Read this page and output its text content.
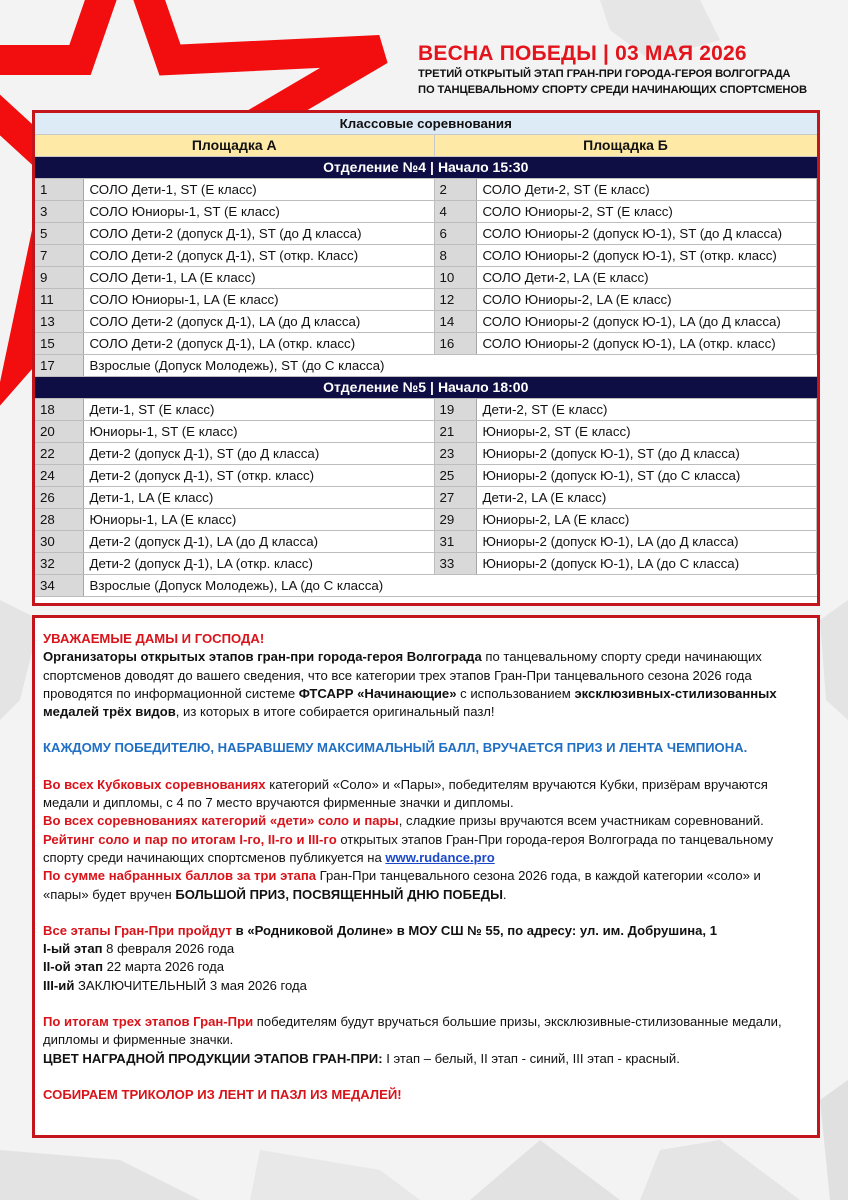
ВЕСНА ПОБЕДЫ | 03 МАЯ 2026
ТРЕТИЙ ОТКРЫТЫЙ ЭТАП ГРАН-ПРИ ГОРОДА-ГЕРОЯ ВОЛГОГРАДА
ПО ТАНЦЕВАЛЬНОМУ СПОРТУ СРЕДИ НАЧИНАЮЩИХ СПОРТСМЕНОВ
Классовые соревнования			
Площадка А		Площадка Б	
Отделение №4 | Начало 15:30			
1	СОЛО Дети-1, ST (Е класс)	2	СОЛО Дети-2, ST (Е класс)
3	СОЛО Юниоры-1, ST (Е класс)	4	СОЛО Юниоры-2, ST (Е класс)
5	СОЛО Дети-2 (допуск Д-1), ST (до Д класса)	6	СОЛО Юниоры-2 (допуск Ю-1), ST (до Д класса)
7	СОЛО Дети-2 (допуск Д-1), ST (откр. Класс)	8	СОЛО Юниоры-2 (допуск Ю-1), ST (откр. класс)
9	СОЛО Дети-1, LA (Е класс)	10	СОЛО Дети-2, LA (Е класс)
11	СОЛО Юниоры-1, LA (Е класс)	12	СОЛО Юниоры-2, LA (Е класс)
13	СОЛО Дети-2 (допуск Д-1), LA (до Д класса)	14	СОЛО Юниоры-2 (допуск Ю-1), LA (до Д класса)
15	СОЛО Дети-2 (допуск Д-1), LA (откр. класс)	16	СОЛО Юниоры-2 (допуск Ю-1), LA (откр. класс)
17	Взрослые (Допуск Молодежь), ST (до С класса)		
Отделение №5 | Начало 18:00			
18	Дети-1, ST (Е класс)	19	Дети-2, ST (Е класс)
20	Юниоры-1, ST (Е класс)	21	Юниоры-2, ST (Е класс)
22	Дети-2 (допуск Д-1), ST (до Д класса)	23	Юниоры-2 (допуск Ю-1), ST (до Д класса)
24	Дети-2 (допуск Д-1), ST (откр. класс)	25	Юниоры-2 (допуск Ю-1), ST (до С класса)
26	Дети-1, LA (Е класс)	27	Дети-2, LA (Е класс)
28	Юниоры-1, LA (Е класс)	29	Юниоры-2, LA (Е класс)
30	Дети-2 (допуск Д-1), LA (до Д класса)	31	Юниоры-2 (допуск Ю-1), LA (до Д класса)
32	Дети-2 (допуск Д-1), LA (откр. класс)	33	Юниоры-2 (допуск Ю-1), LA (до С класса)
34	Взрослые (Допуск Молодежь), LA (до С класса)		

УВАЖАЕМЫЕ ДАМЫ И ГОСПОДА!

Организаторы открытых этапов гран-при города-героя Волгограда по танцевальному спорту среди начинающих спортсменов доводят до вашего сведения, что все категории трех этапов Гран-При танцевального сезона 2026 года проводятся по информационной системе ФТСАРР «Начинающие» с использованием эксклюзивных-стилизованных медалей трёх видов, из которых в итоге собирается оригинальный пазл!

КАЖДОМУ ПОБЕДИТЕЛЮ, НАБРАВШЕМУ МАКСИМАЛЬНЫЙ БАЛЛ, ВРУЧАЕТСЯ ПРИЗ И ЛЕНТА ЧЕМПИОНА.

Во всех Кубковых соревнованиях категорий «Соло» и «Пары», победителям вручаются Кубки, призёрам вручаются медали и дипломы, с 4 по 7 место вручаются фирменные значки и дипломы.

Во всех соревнованиях категорий «дети» соло и пары, сладкие призы вручаются всем участникам соревнований.

Рейтинг соло и пар по итогам I-го, II-го и III-го открытых этапов Гран-При города-героя Волгограда по танцевальному спорту среди начинающих спортсменов публикуется на www.rudance.pro

По сумме набранных баллов за три этапа Гран-При танцевального сезона 2026 года, в каждой категории «соло» и «пары» будет вручен БОЛЬШОЙ ПРИЗ, ПОСВЯЩЕННЫЙ ДНЮ ПОБЕДЫ.

Все этапы Гран-При пройдут в «Родниковой Долине» в МОУ СШ № 55, по адресу: ул. им. Добрушина, 1

I-ый этап 8 февраля 2026 года

II-ой этап 22 марта 2026 года

III-ий ЗАКЛЮЧИТЕЛЬНЫЙ 3 мая 2026 года

По итогам трех этапов Гран-При победителям будут вручаться большие призы, эксклюзивные-стилизованные медали, дипломы и фирменные значки.

ЦВЕТ НАГРАДНОЙ ПРОДУКЦИИ ЭТАПОВ ГРАН-ПРИ: I этап – белый, II этап - синий, III этап - красный.

СОБИРАЕМ ТРИКОЛОР ИЗ ЛЕНТ И ПАЗЛ ИЗ МЕДАЛЕЙ!
